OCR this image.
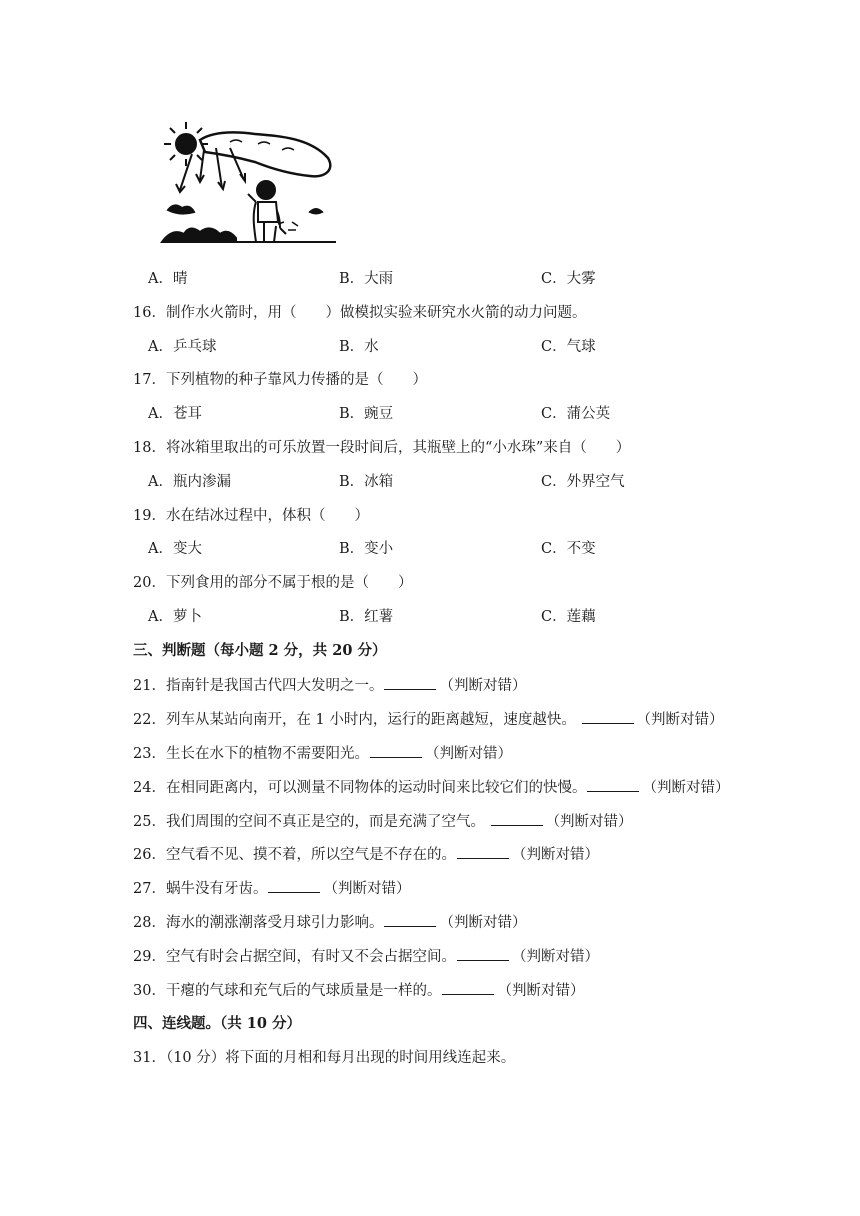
A．晴	B．大雨	C．大雾
16．制作水火箭时，用（　　）做模拟实验来研究水火箭的动力问题。
A．乒乓球	B．水	C．气球
17．下列植物的种子靠风力传播的是（　　）
A．苍耳	B．豌豆	C．蒲公英
18．将冰箱里取出的可乐放置一段时间后，其瓶壁上的“小水珠”来自（　　）
A．瓶内渗漏	B．冰箱	C．外界空气
19．水在结冰过程中，体积（　　）
A．变大	B．变小	C．不变
20．下列食用的部分不属于根的是（　　）
A．萝卜	B．红薯	C．莲藕
三、判断题（每小题 2 分，共 20 分）
21．指南针是我国古代四大发明之一。	（判断对错）
22．列车从某站向南开，在 1 小时内，运行的距离越短，速度越快。	（判断对错）
23．生长在水下的植物不需要阳光。	（判断对错）
24．在相同距离内，可以测量不同物体的运动时间来比较它们的快慢。	（判断对错）
25．我们周围的空间不真正是空的，而是充满了空气。	（判断对错）
26．空气看不见、摸不着，所以空气是不存在的。	（判断对错）
27．蜗牛没有牙齿。	（判断对错）
28．海水的潮涨潮落受月球引力影响。	（判断对错）
29．空气有时会占据空间，有时又不会占据空间。	（判断对错）
30．干瘪的气球和充气后的气球质量是一样的。	（判断对错）
四、连线题。（共 10 分）
31．（10 分）将下面的月相和每月出现的时间用线连起来。
